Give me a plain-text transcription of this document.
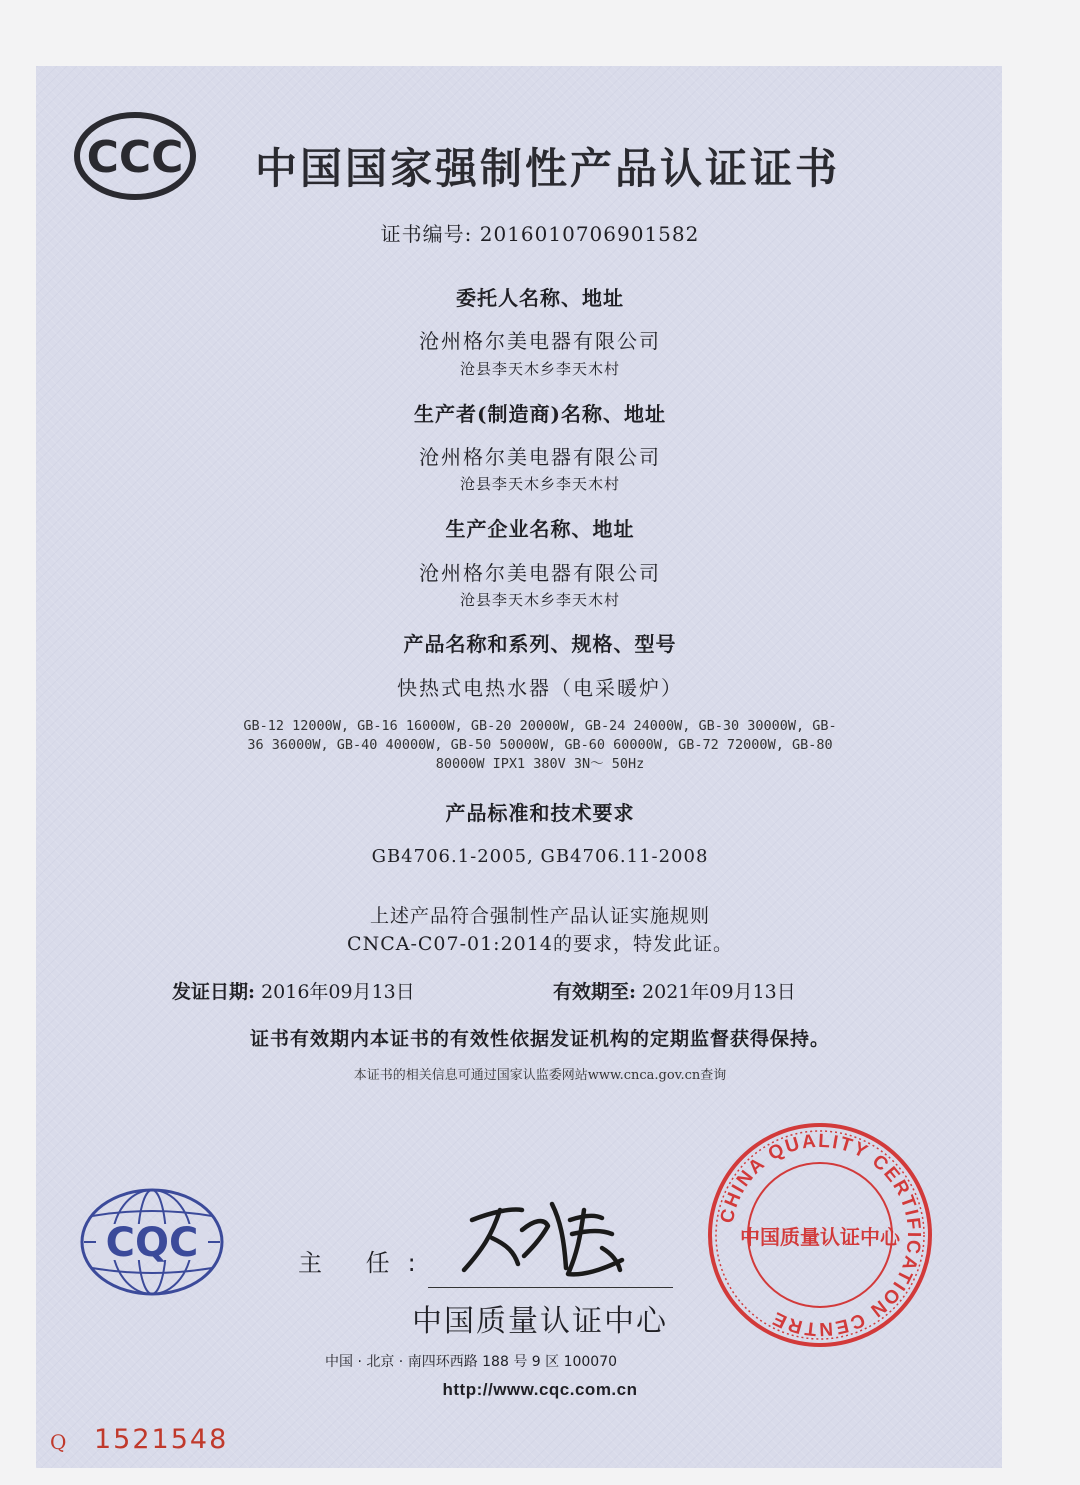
CCC 中国国家强制性产品认证证书
证书编号: 2016010706901582
委托人名称、地址
沧州格尔美电器有限公司
沧县李天木乡李天木村
生产者(制造商)名称、地址
沧州格尔美电器有限公司
沧县李天木乡李天木村
生产企业名称、地址
沧州格尔美电器有限公司
沧县李天木乡李天木村
产品名称和系列、规格、型号
快热式电热水器（电采暖炉）
GB-12 12000W, GB-16 16000W, GB-20 20000W, GB-24 24000W, GB-30 30000W, GB-
36 36000W, GB-40 40000W, GB-50 50000W, GB-60 60000W, GB-72 72000W, GB-80
80000W IPX1 380V 3N～ 50Hz
产品标准和技术要求
GB4706.1-2005, GB4706.11-2008
上述产品符合强制性产品认证实施规则
CNCA-C07-01:2014的要求，特发此证。
发证日期: 2016年09月13日	有效期至: 2021年09月13日
证书有效期内本证书的有效性依据发证机构的定期监督获得保持。
本证书的相关信息可通过国家认监委网站www.cnca.gov.cn查询
CQC	主 任:
中国质量认证中心
中国 · 北京 · 南四环西路 188 号 9 区 100070
http://www.cqc.com.cn
CHINA QUALITY CERTIFICATION CENTRE
中国质量认证中心
Q 1521548
